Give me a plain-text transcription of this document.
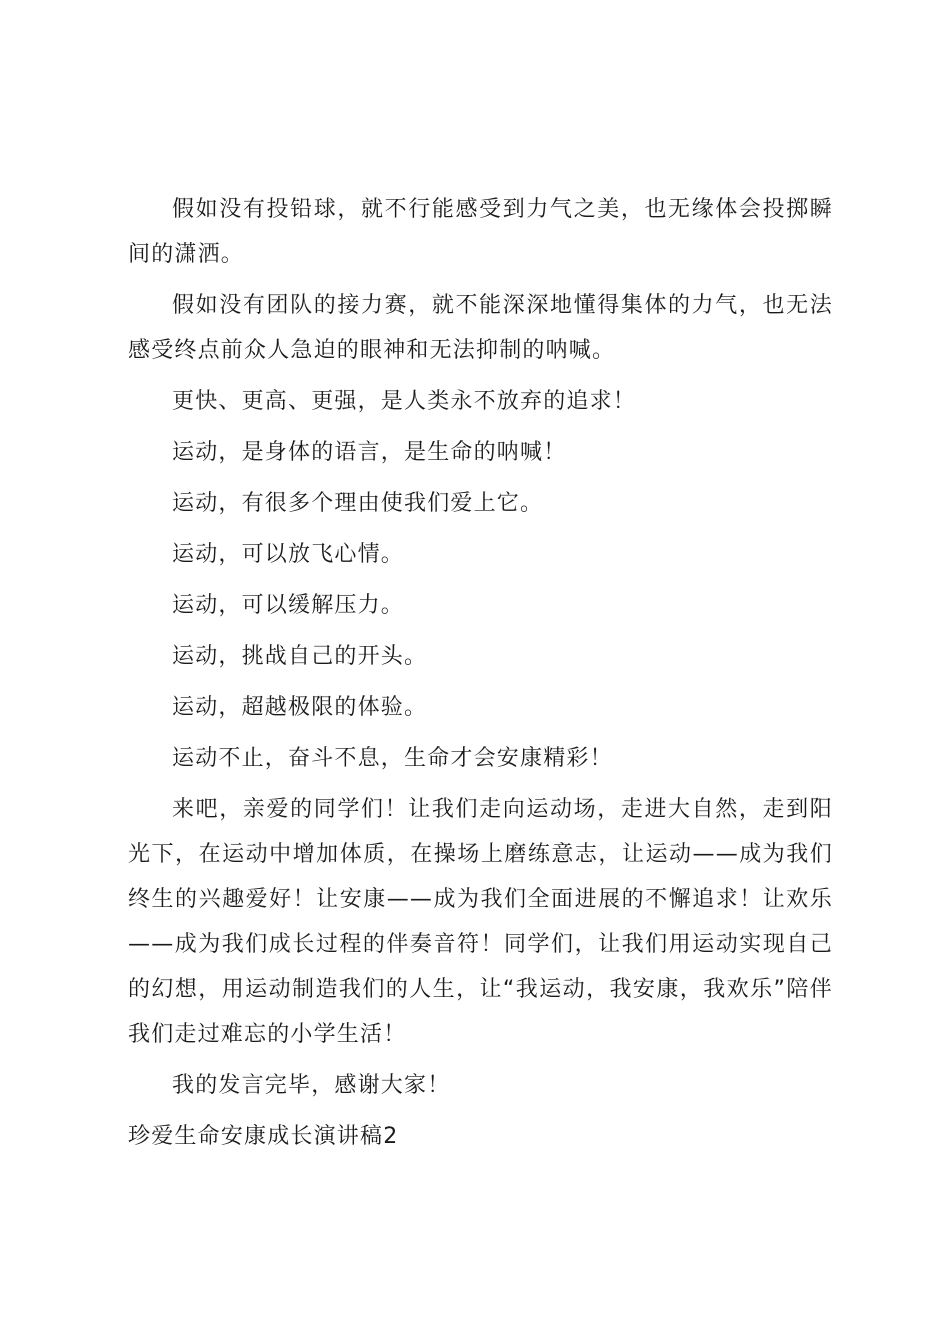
假如没有投铅球，就不行能感受到力气之美，也无缘体会投掷瞬间的潇洒。

假如没有团队的接力赛，就不能深深地懂得集体的力气，也无法感受终点前众人急迫的眼神和无法抑制的呐喊。

更快、更高、更强，是人类永不放弃的追求！

运动，是身体的语言，是生命的呐喊！

运动，有很多个理由使我们爱上它。

运动，可以放飞心情。

运动，可以缓解压力。

运动，挑战自己的开头。

运动，超越极限的体验。

运动不止，奋斗不息，生命才会安康精彩！

来吧，亲爱的同学们！让我们走向运动场，走进大自然，走到阳光下，在运动中增加体质，在操场上磨练意志，让运动——成为我们终生的兴趣爱好！让安康——成为我们全面进展的不懈追求！让欢乐——成为我们成长过程的伴奏音符！同学们，让我们用运动实现自己的幻想，用运动制造我们的人生，让“我运动，我安康，我欢乐”陪伴我们走过难忘的小学生活！

我的发言完毕，感谢大家！

珍爱生命安康成长演讲稿2
